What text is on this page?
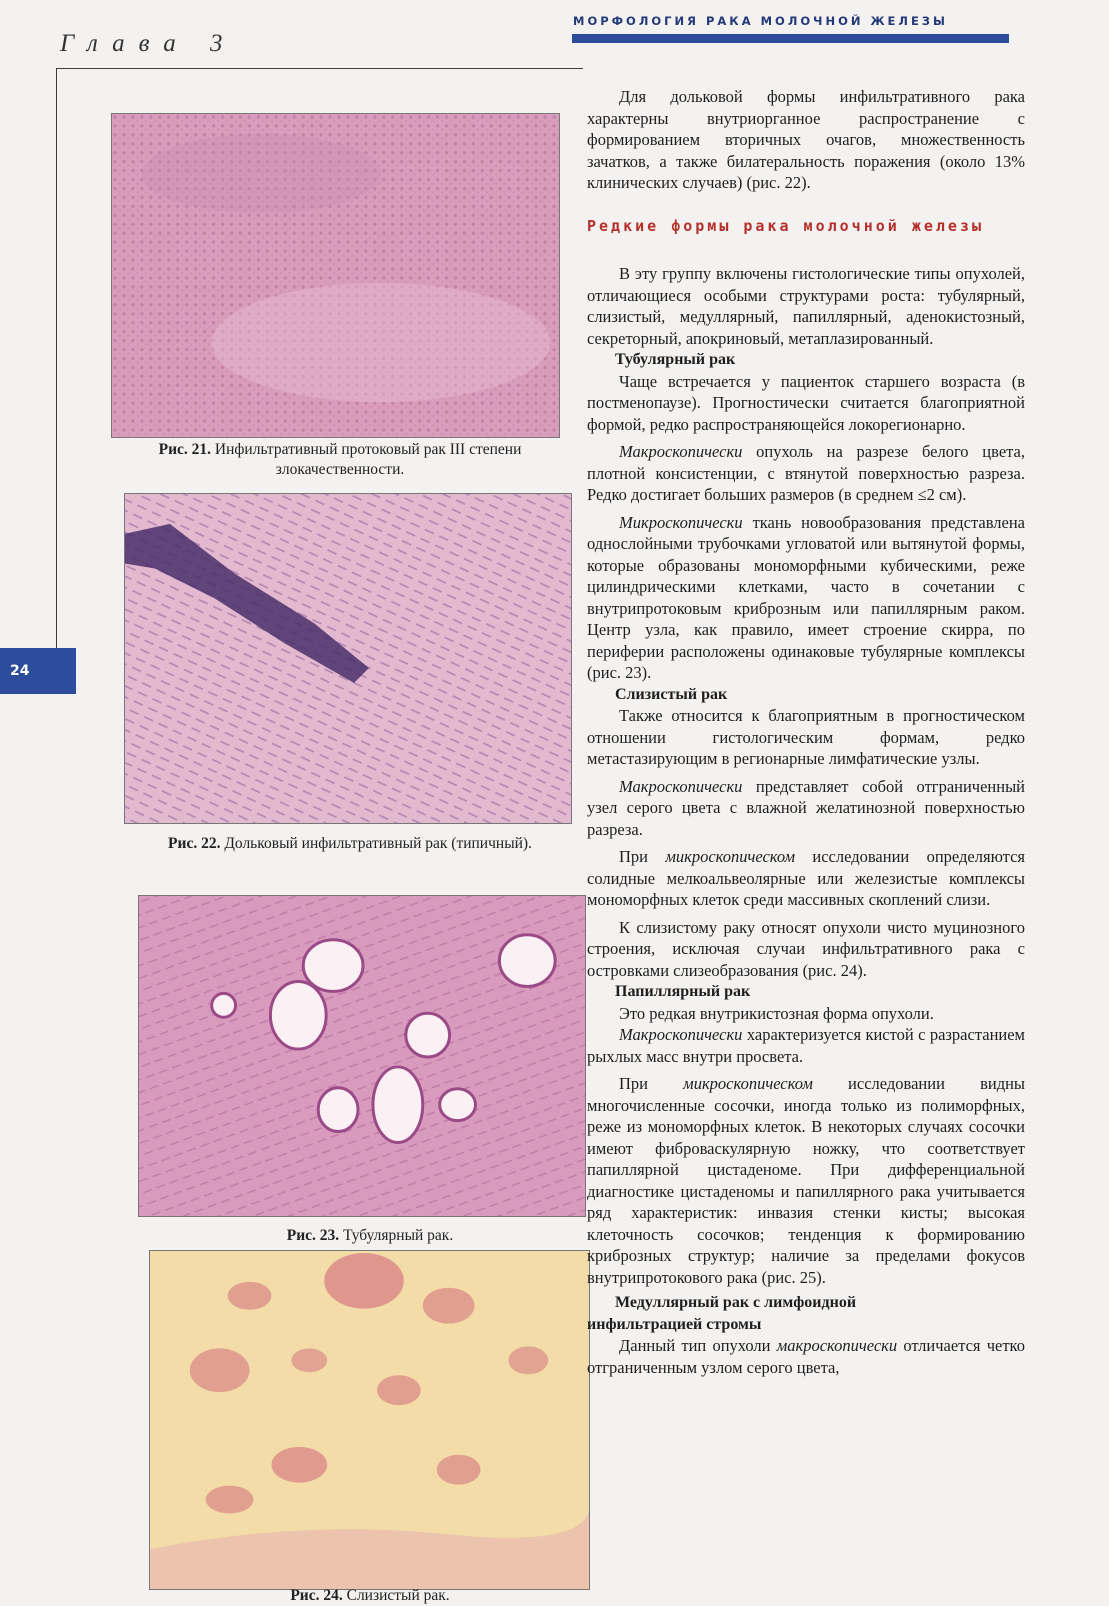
Глава 3
МОРФОЛОГИЯ РАКА МОЛОЧНОЙ ЖЕЛЕЗЫ
24
Рис. 21. Инфильтративный протоковый рак III степени злокачественности.
Рис. 22. Дольковый инфильтративный рак (типичный).
Рис. 23. Тубулярный рак.
Рис. 24. Слизистый рак.

Для дольковой формы инфильтративного рака характерны внутриорганное распространение с формированием вторичных очагов, множественность зачатков, а также билатеральность поражения (около 13% клинических случаев) (рис. 22).

Редкие формы рака молочной железы

В эту группу включены гистологические типы опухолей, отличающиеся особыми структурами роста: тубулярный, слизистый, медуллярный, папиллярный, аденокистозный, секреторный, апокриновый, метаплазированный.

Тубулярный рак

Чаще встречается у пациенток старшего возраста (в постменопаузе). Прогностически считается благоприятной формой, редко распространяющейся локорегионарно.

Макроскопически опухоль на разрезе белого цвета, плотной консистенции, с втянутой поверхностью разреза. Редко достигает больших размеров (в среднем ≤2 см).

Микроскопически ткань новообразования представлена однослойными трубочками угловатой или вытянутой формы, которые образованы мономорфными кубическими, реже цилиндрическими клетками, часто в сочетании с внутрипротоковым криброзным или папиллярным раком. Центр узла, как правило, имеет строение скирра, по периферии расположены одинаковые тубулярные комплексы (рис. 23).

Слизистый рак

Также относится к благоприятным в прогностическом отношении гистологическим формам, редко метастазирующим в регионарные лимфатические узлы.

Макроскопически представляет собой отграниченный узел серого цвета с влажной желатинозной поверхностью разреза.

При микроскопическом исследовании определяются солидные мелкоальвеолярные или железистые комплексы мономорфных клеток среди массивных скоплений слизи.

К слизистому раку относят опухоли чисто муцинозного строения, исключая случаи инфильтративного рака с островками слизеобразования (рис. 24).

Папиллярный рак

Это редкая внутрикистозная форма опухоли.

Макроскопически характеризуется кистой с разрастанием рыхлых масс внутри просвета.

При микроскопическом исследовании видны многочисленные сосочки, иногда только из полиморфных, реже из мономорфных клеток. В некоторых случаях сосочки имеют фиброваскулярную ножку, что соответствует папиллярной цистаденоме. При дифференциальной диагностике цистаденомы и папиллярного рака учитывается ряд характеристик: инвазия стенки кисты; высокая клеточность сосочков; тенденция к формированию криброзных структур; наличие за пределами фокусов внутрипротокового рака (рис. 25).

Медуллярный рак с лимфоидной
инфильтрацией стромы

Данный тип опухоли макроскопически отличается четко отграниченным узлом серого цвета,
